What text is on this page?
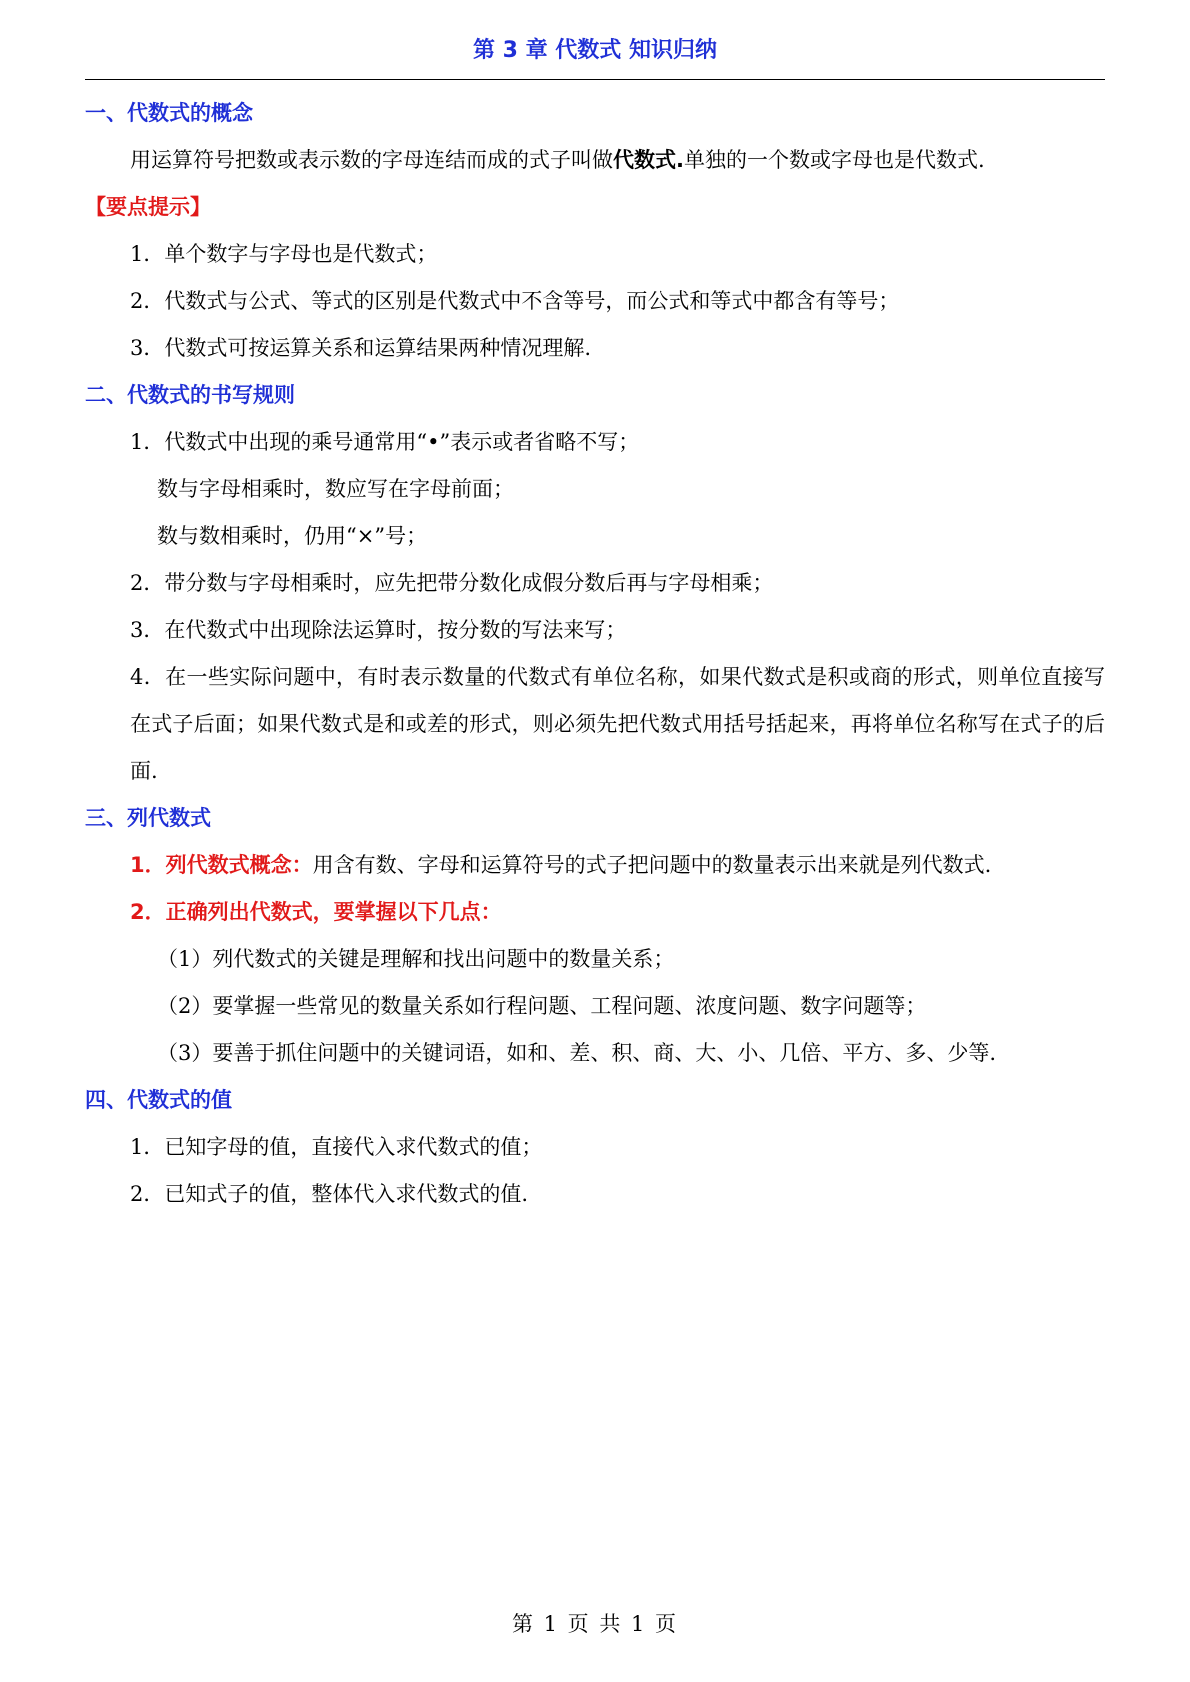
第 3 章 代数式 知识归纳
一、代数式的概念
用运算符号把数或表示数的字母连结而成的式子叫做代数式.单独的一个数或字母也是代数式.
【要点提示】
1．单个数字与字母也是代数式；
2．代数式与公式、等式的区别是代数式中不含等号，而公式和等式中都含有等号；
3．代数式可按运算关系和运算结果两种情况理解.
二、代数式的书写规则
1．代数式中出现的乘号通常用“•”表示或者省略不写；
数与字母相乘时，数应写在字母前面；
数与数相乘时，仍用“×”号；
2．带分数与字母相乘时，应先把带分数化成假分数后再与字母相乘；
3．在代数式中出现除法运算时，按分数的写法来写；
4．在一些实际问题中，有时表示数量的代数式有单位名称，如果代数式是积或商的形式，则单位直接写在式子后面；如果代数式是和或差的形式，则必须先把代数式用括号括起来，再将单位名称写在式子的后面.
三、列代数式
1．列代数式概念：用含有数、字母和运算符号的式子把问题中的数量表示出来就是列代数式.
2．正确列出代数式，要掌握以下几点：
（1）列代数式的关键是理解和找出问题中的数量关系；
（2）要掌握一些常见的数量关系如行程问题、工程问题、浓度问题、数字问题等；
（3）要善于抓住问题中的关键词语，如和、差、积、商、大、小、几倍、平方、多、少等.
四、代数式的值
1．已知字母的值，直接代入求代数式的值；
2．已知式子的值，整体代入求代数式的值.
第 1 页 共 1 页
